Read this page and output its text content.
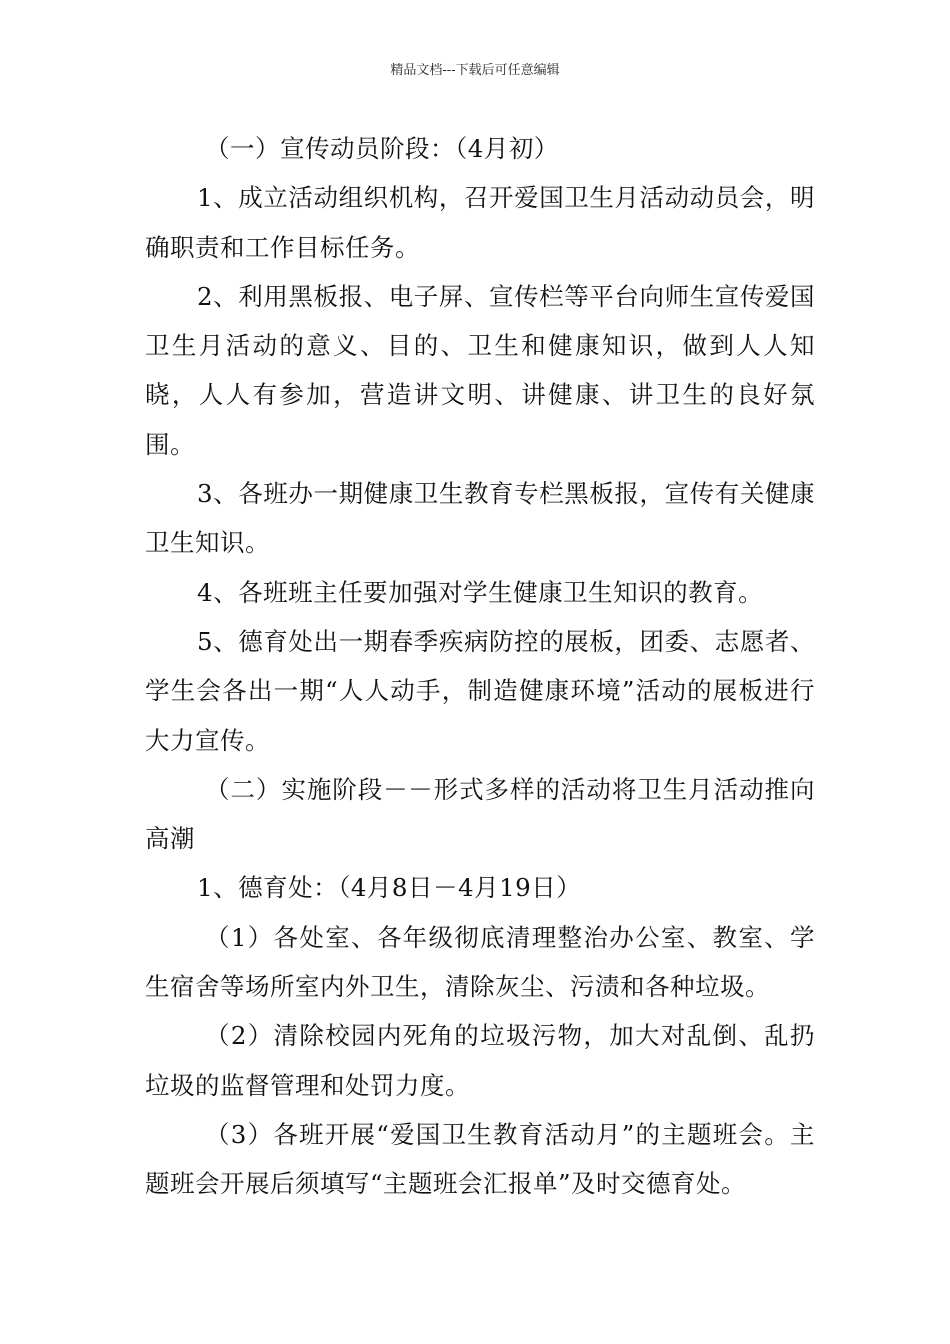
精品文档---下载后可任意编辑

（一）宣传动员阶段：（4月初）

1、成立活动组织机构，召开爱国卫生月活动动员会，明确职责和工作目标任务。

2、利用黑板报、电子屏、宣传栏等平台向师生宣传爱国卫生月活动的意义、目的、卫生和健康知识，做到人人知晓，人人有参加，营造讲文明、讲健康、讲卫生的良好氛围。

3、各班办一期健康卫生教育专栏黑板报，宣传有关健康卫生知识。

4、各班班主任要加强对学生健康卫生知识的教育。

5、德育处出一期春季疾病防控的展板，团委、志愿者、学生会各出一期“人人动手，制造健康环境”活动的展板进行大力宣传。

（二）实施阶段－－形式多样的活动将卫生月活动推向高潮

1、德育处：（4月8日－4月19日）

（1）各处室、各年级彻底清理整治办公室、教室、学生宿舍等场所室内外卫生，清除灰尘、污渍和各种垃圾。

（2）清除校园内死角的垃圾污物，加大对乱倒、乱扔垃圾的监督管理和处罚力度。

（3）各班开展“爱国卫生教育活动月”的主题班会。主题班会开展后须填写“主题班会汇报单”及时交德育处。
